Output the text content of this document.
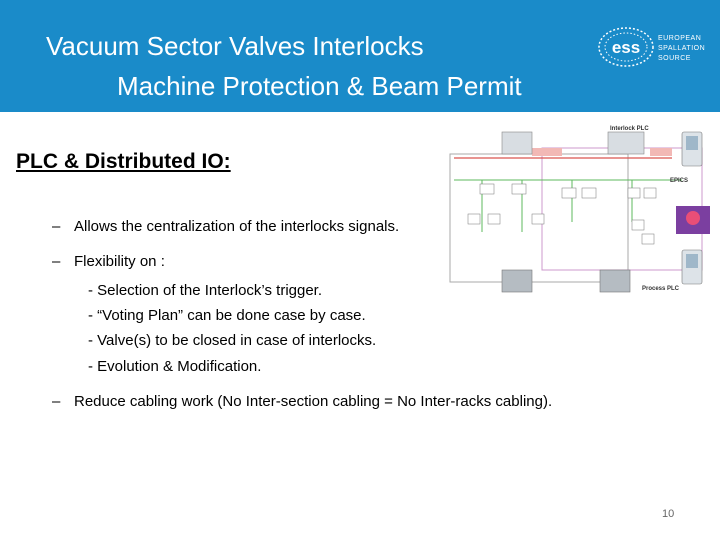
Vacuum Sector Valves Interlocks
Machine Protection & Beam Permit
ess	EUROPEAN
SPALLATION
SOURCE
PLC & Distributed IO:
– Allows the centralization of the interlocks signals.
– Flexibility on :
- Selection of the Interlock’s trigger.
- “Voting Plan” can be done case by case.
- Valve(s) to be closed in case of interlocks.
- Evolution & Modification.
– Reduce cabling work (No Inter-section cabling = No Inter-racks cabling).
Interlock PLC
Process PLC
EPICS
10
